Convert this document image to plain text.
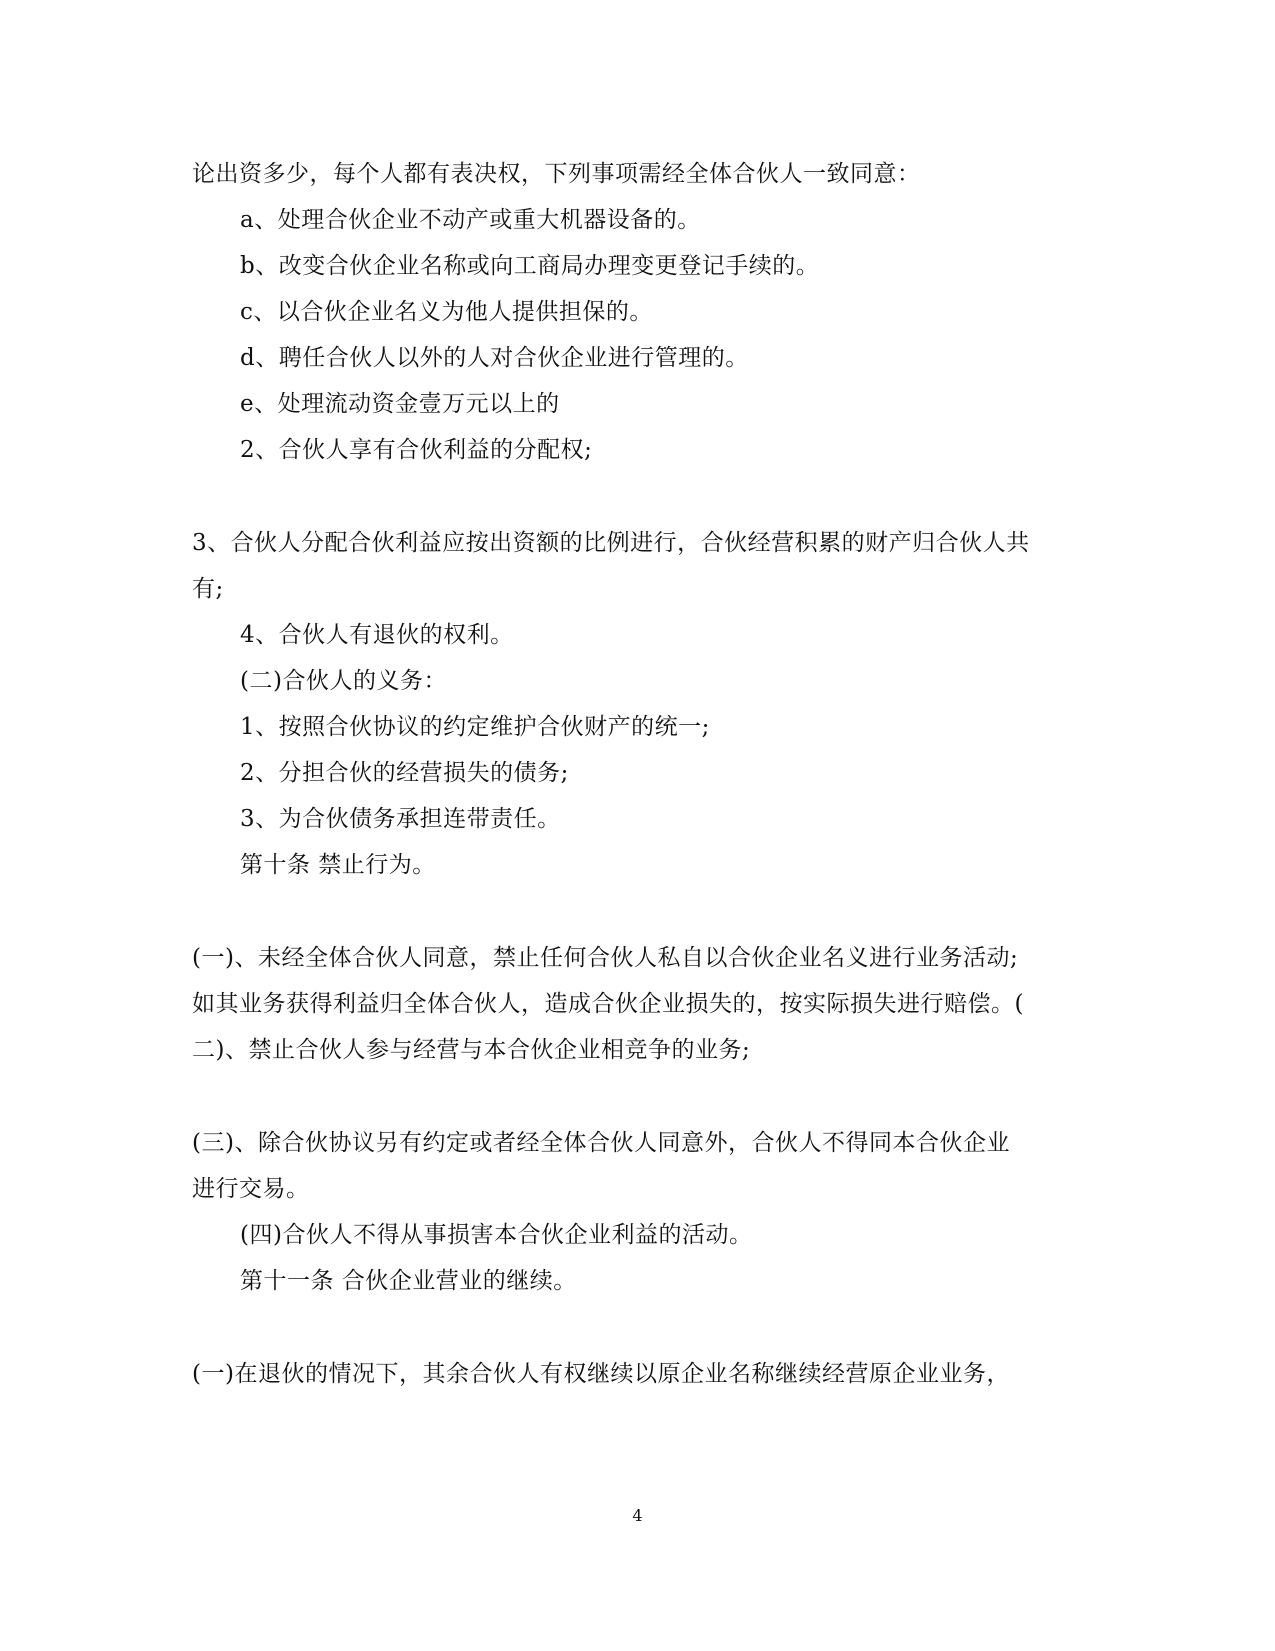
论出资多少，每个人都有表决权，下列事项需经全体合伙人一致同意：
a、处理合伙企业不动产或重大机器设备的。
b、改变合伙企业名称或向工商局办理变更登记手续的。
c、以合伙企业名义为他人提供担保的。
d、聘任合伙人以外的人对合伙企业进行管理的。
e、处理流动资金壹万元以上的
2、合伙人享有合伙利益的分配权;
3、合伙人分配合伙利益应按出资额的比例进行，合伙经营积累的财产归合伙人共
有;
4、合伙人有退伙的权利。
(二)合伙人的义务：
1、按照合伙协议的约定维护合伙财产的统一;
2、分担合伙的经营损失的债务;
3、为合伙债务承担连带责任。
第十条 禁止行为。
(一)、未经全体合伙人同意，禁止任何合伙人私自以合伙企业名义进行业务活动;
如其业务获得利益归全体合伙人，造成合伙企业损失的，按实际损失进行赔偿。(
二)、禁止合伙人参与经营与本合伙企业相竞争的业务;
(三)、除合伙协议另有约定或者经全体合伙人同意外，合伙人不得同本合伙企业
进行交易。
(四)合伙人不得从事损害本合伙企业利益的活动。
第十一条 合伙企业营业的继续。
(一)在退伙的情况下，其余合伙人有权继续以原企业名称继续经营原企业业务，
4
